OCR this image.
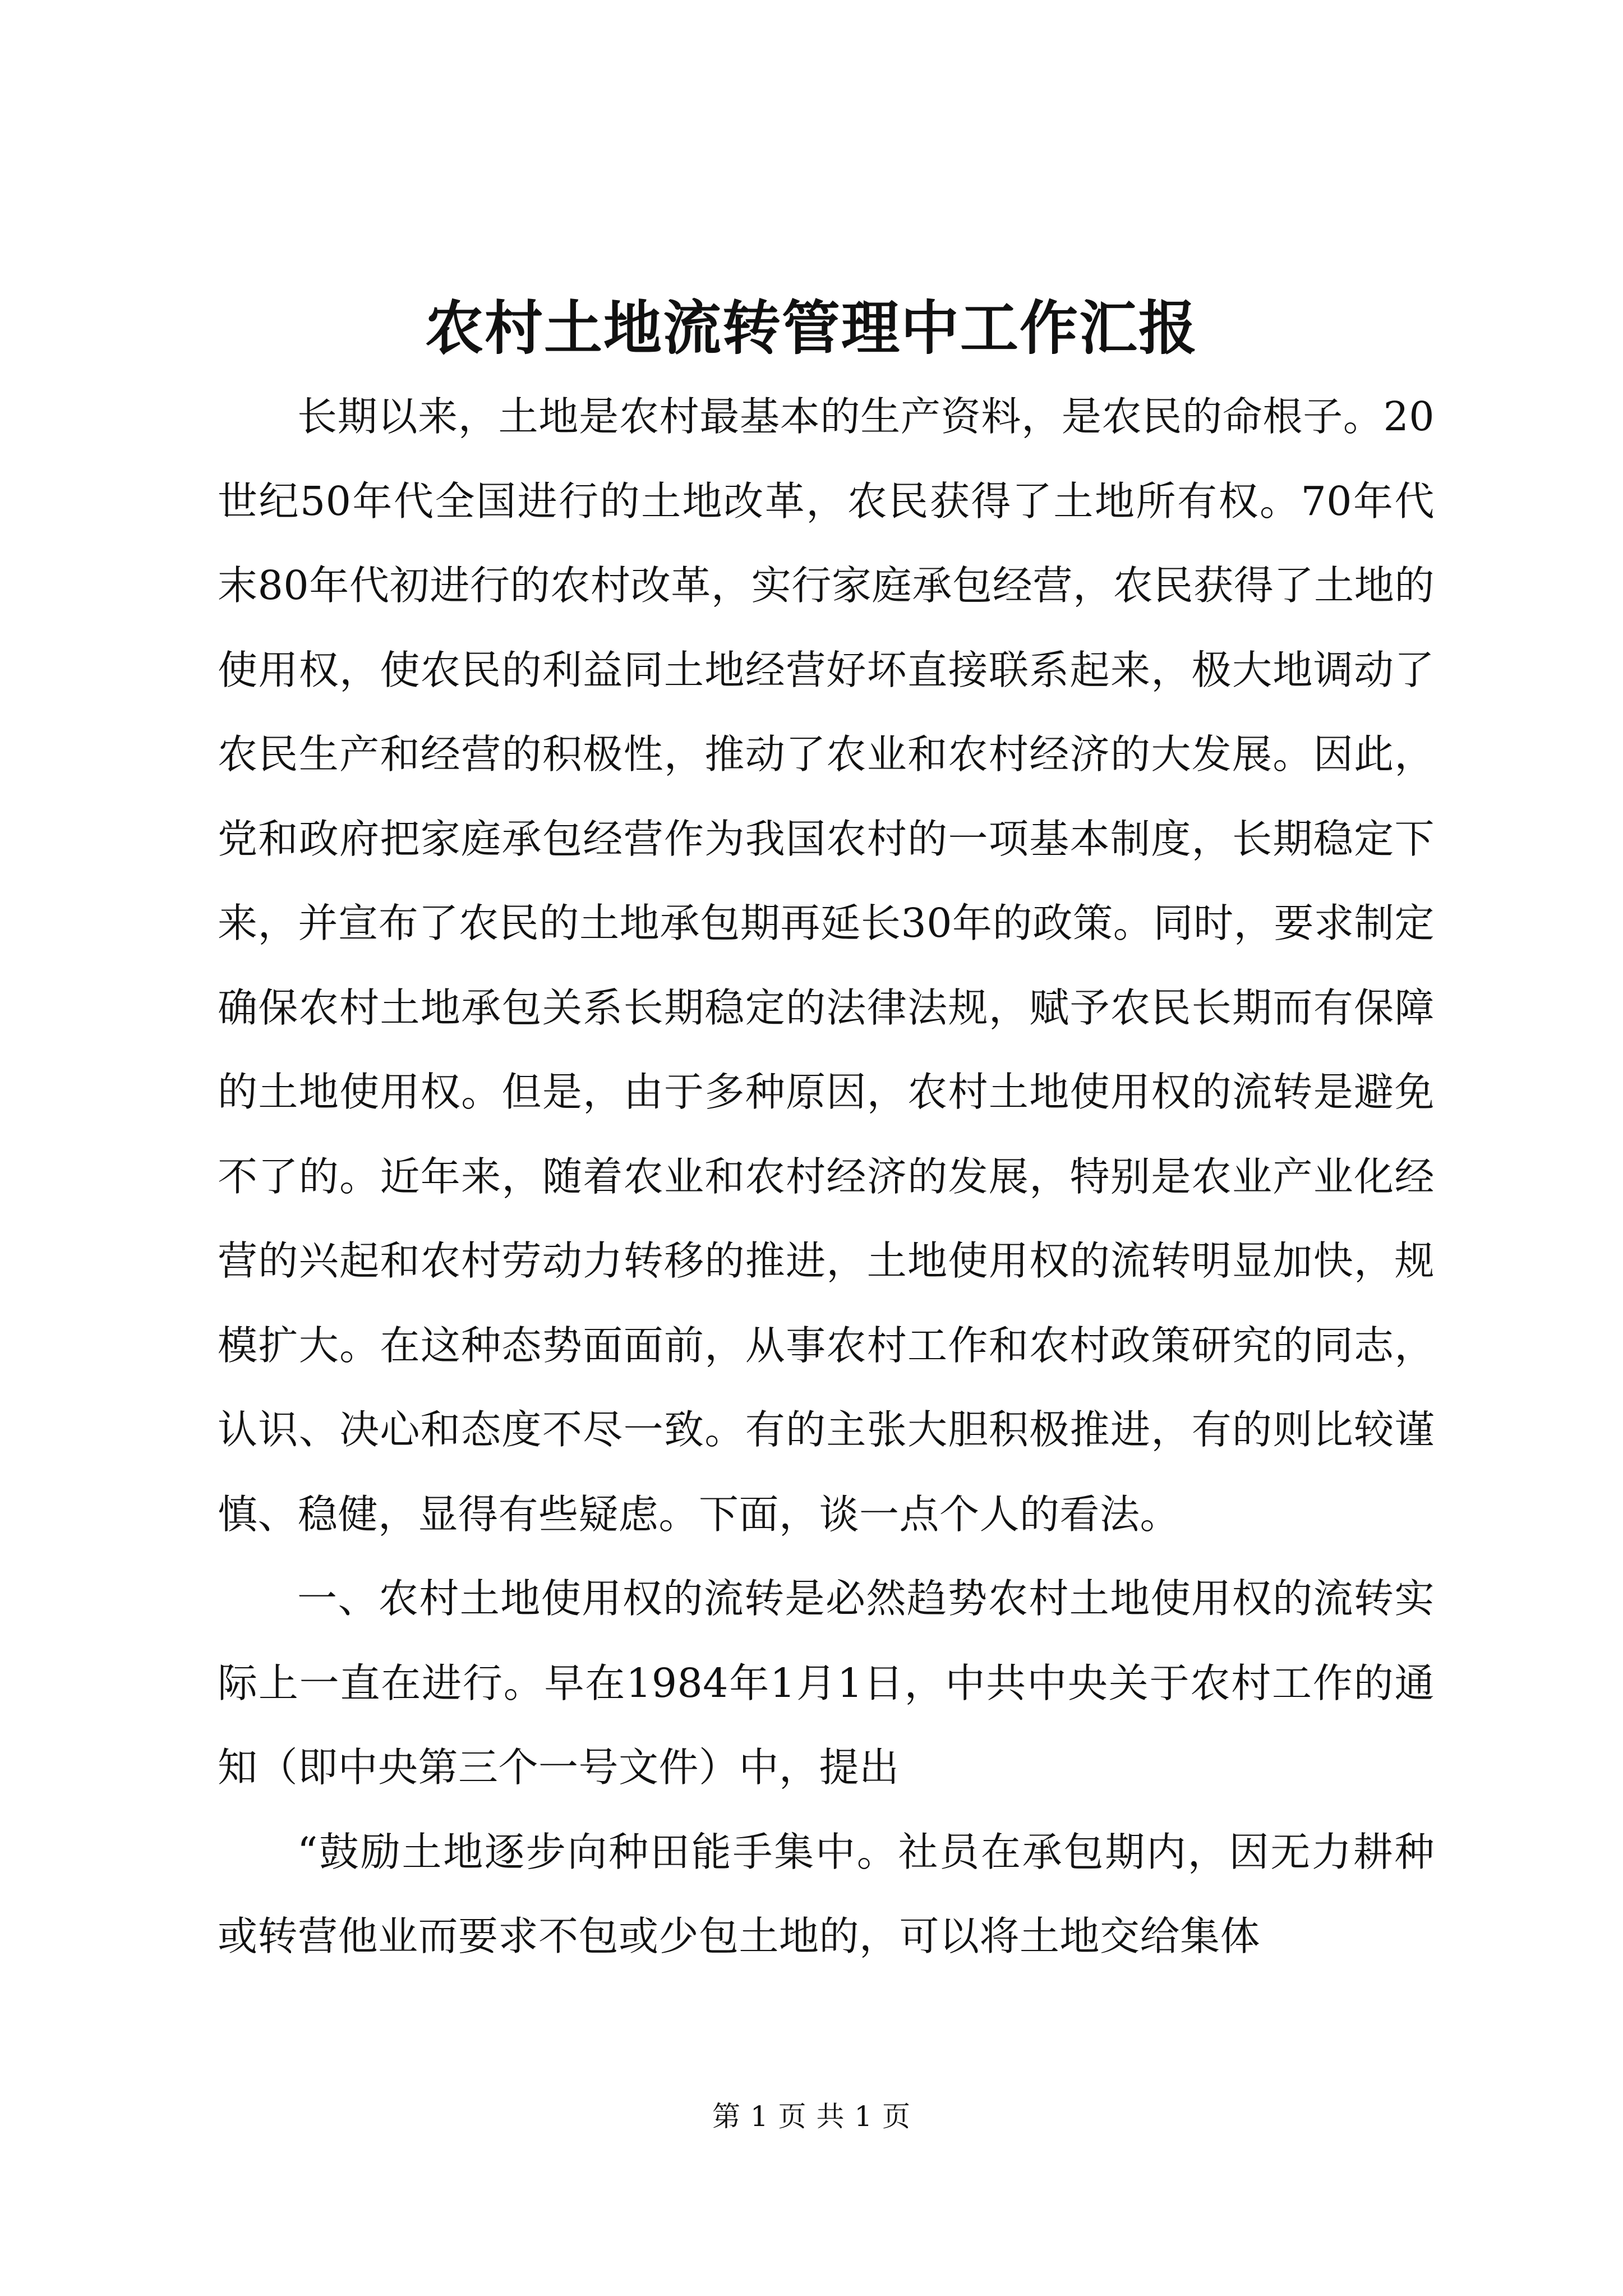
农村土地流转管理中工作汇报

长期以来，土地是农村最基本的生产资料，是农民的命根子。20世纪50年代全国进行的土地改革，农民获得了土地所有权。70年代末80年代初进行的农村改革，实行家庭承包经营，农民获得了土地的使用权，使农民的利益同土地经营好坏直接联系起来，极大地调动了农民生产和经营的积极性，推动了农业和农村经济的大发展。因此，党和政府把家庭承包经营作为我国农村的一项基本制度，长期稳定下来，并宣布了农民的土地承包期再延长30年的政策。同时，要求制定确保农村土地承包关系长期稳定的法律法规，赋予农民长期而有保障的土地使用权。但是，由于多种原因，农村土地使用权的流转是避免不了的。近年来，随着农业和农村经济的发展，特别是农业产业化经营的兴起和农村劳动力转移的推进，土地使用权的流转明显加快，规模扩大。在这种态势面面前，从事农村工作和农村政策研究的同志，认识、决心和态度不尽一致。有的主张大胆积极推进，有的则比较谨慎、稳健，显得有些疑虑。下面，谈一点个人的看法。

一、农村土地使用权的流转是必然趋势农村土地使用权的流转实际上一直在进行。早在1984年1月1日，中共中央关于农村工作的通知（即中央第三个一号文件）中，提出

“鼓励土地逐步向种田能手集中。社员在承包期内，因无力耕种或转营他业而要求不包或少包土地的，可以将土地交给集体

第 1 页 共 1 页
